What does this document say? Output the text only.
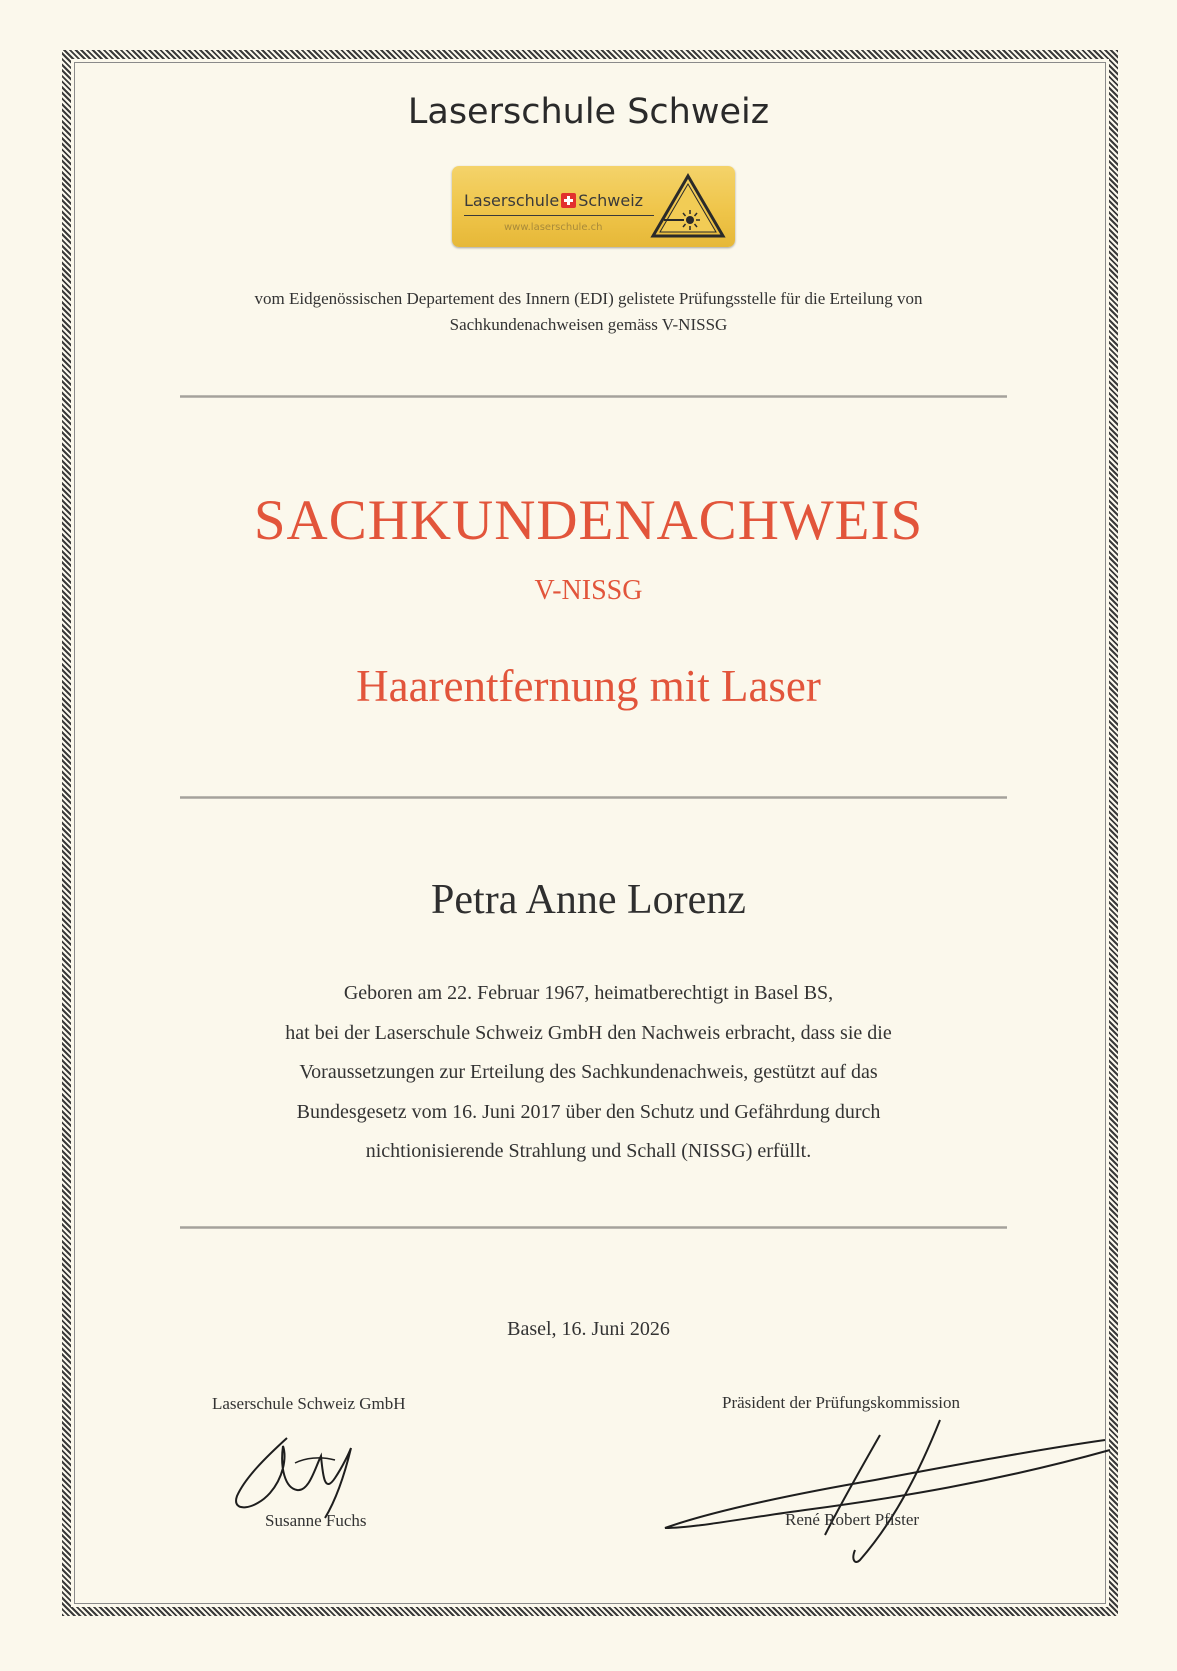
Laserschule Schweiz
Laserschule Schweiz
www.laserschule.ch
vom Eidgenössischen Departement des Innern (EDI) gelistete Prüfungsstelle für die Erteilung von
Sachkundenachweisen gemäss V-NISSG
SACHKUNDENACHWEIS
V-NISSG
Haarentfernung mit Laser
Petra Anne Lorenz
Geboren am 22. Februar 1967, heimatberechtigt in Basel BS,
hat bei der Laserschule Schweiz GmbH den Nachweis erbracht, dass sie die
Voraussetzungen zur Erteilung des Sachkundenachweis, gestützt auf das
Bundesgesetz vom 16. Juni 2017 über den Schutz und Gefährdung durch
nichtionisierende Strahlung und Schall (NISSG) erfüllt.
Basel, 16. Juni 2026
Laserschule Schweiz GmbH
Susanne Fuchs
Präsident der Prüfungskommission
René Robert Pfister
